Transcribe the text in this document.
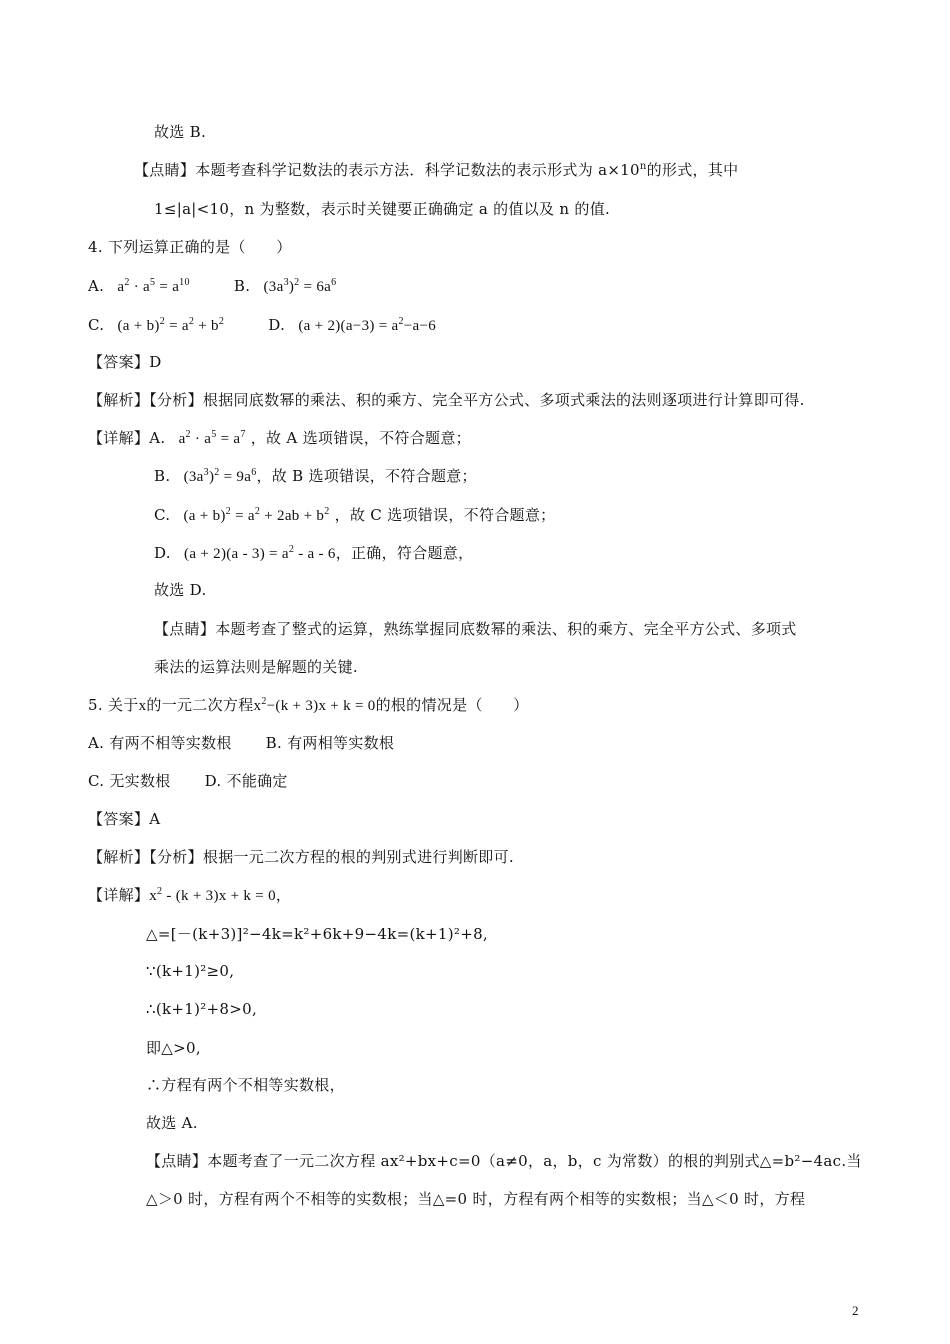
故选 B.
【点睛】本题考查科学记数法的表示方法．科学记数法的表示形式为 $a\times 10^n$的形式，其中
1≤|a|<10，n 为整数，表示时关键要正确确定 a 的值以及 n 的值.
4. 下列运算正确的是（　　）
A.   $a^2 \cdot a^5 = a^{10}$	B.   $(3a^3)^2 = 6a^6$
C.   $(a + b)^2 = a^2 + b^2$	D.   $(a + 2)(a-3) = a^2-a-6$
【答案】D
【解析】【分析】根据同底数幂的乘法、积的乘方、完全平方公式、多项式乘法的法则逐项进行计算即可得.
【详解】A.   $a^2 \cdot a^5 = a^7$ ，故 A 选项错误，不符合题意；
B.   $(3a^3)^2 = 9a^6$，故 B 选项错误，不符合题意；
C.   $(a + b)^2 = a^2 + 2ab + b^2$ ，故 C 选项错误，不符合题意；
D.   $(a + 2)(a - 3) = a^2 - a - 6$，正确，符合题意，
故选 D.
【点睛】本题考查了整式的运算，熟练掌握同底数幂的乘法、积的乘方、完全平方公式、多项式
乘法的运算法则是解题的关键.
5. 关于x的一元二次方程$x^2-(k + 3)x + k = 0$的根的情况是（　　）
A. 有两不相等实数根 B. 有两相等实数根
C. 无实数根 D. 不能确定
【答案】A
【解析】【分析】根据一元二次方程的根的判别式进行判断即可.
【详解】$x^2 - (k + 3)x + k = 0$，
△=[－(k+3)]²−4k=k²+6k+9−4k=(k+1)²+8,
∵(k+1)²≥0,
∴(k+1)²+8>0,
即△>0,
∴方程有两个不相等实数根，
故选 A.
【点睛】本题考查了一元二次方程 ax²+bx+c=0（a≠0，a，b，c 为常数）的根的判别式△=b²−4ac.当
△＞0 时，方程有两个不相等的实数根；当△=0 时，方程有两个相等的实数根；当△＜0 时，方程
2
